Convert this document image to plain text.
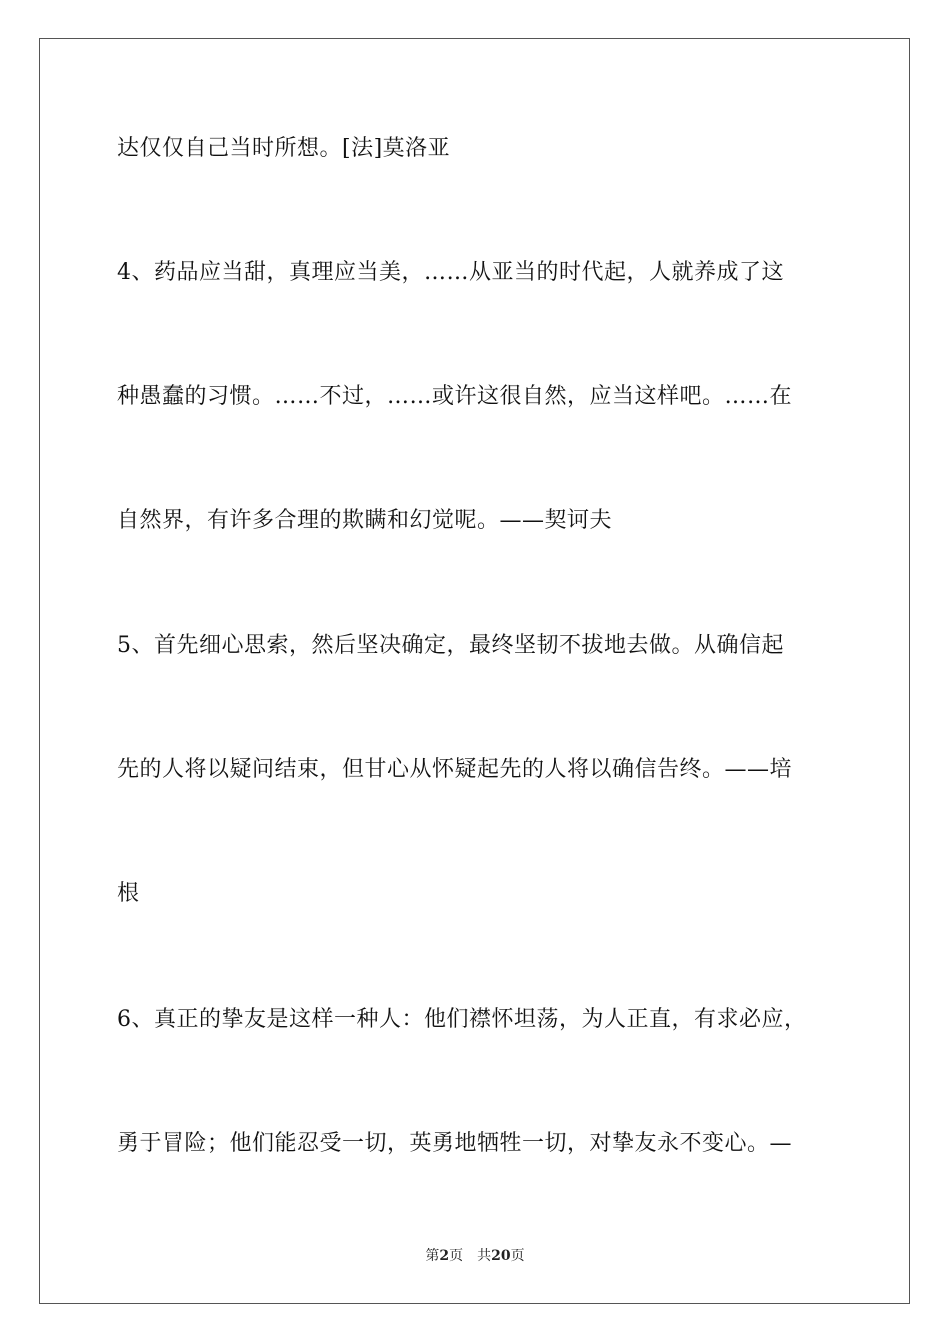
达仅仅自己当时所想。[法]莫洛亚
4、药品应当甜，真理应当美，……从亚当的时代起，人就养成了这
种愚蠢的习惯。……不过，……或许这很自然，应当这样吧。……在
自然界，有许多合理的欺瞒和幻觉呢。——契诃夫
5、首先细心思索，然后坚决确定，最终坚韧不拔地去做。从确信起
先的人将以疑问结束，但甘心从怀疑起先的人将以确信告终。——培
根
6、真正的挚友是这样一种人：他们襟怀坦荡，为人正直，有求必应，
勇于冒险；他们能忍受一切，英勇地牺牲一切，对挚友永不变心。—
第2页 共20页
